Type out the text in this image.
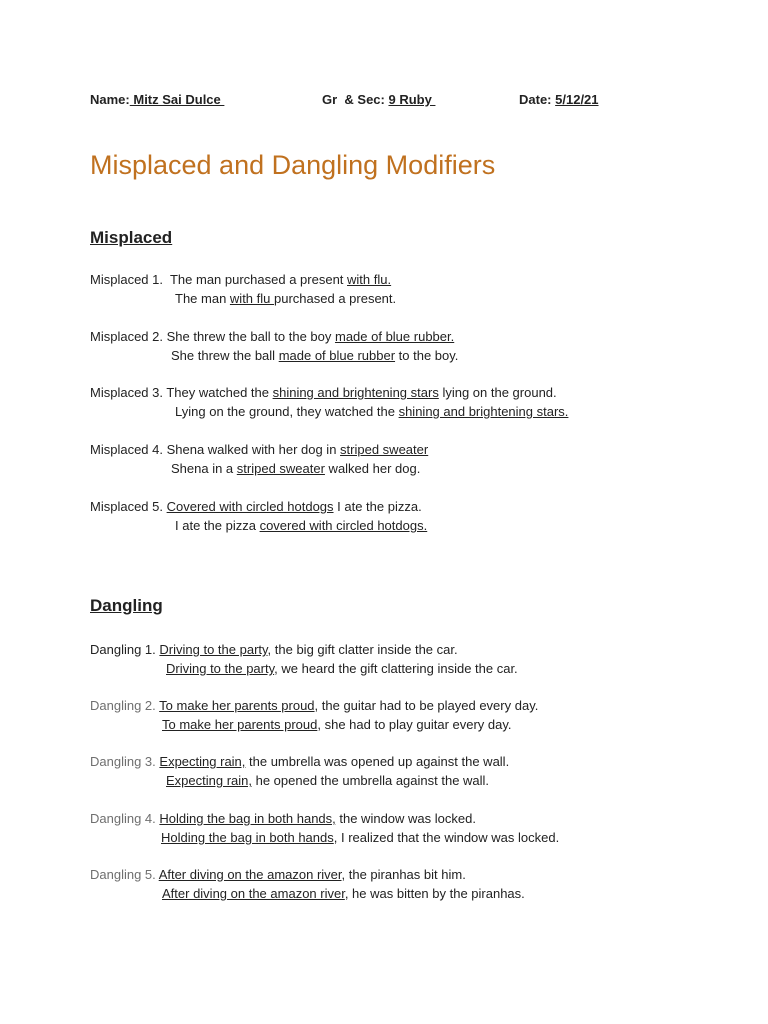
Name: Mitz Sai Dulce	Gr  & Sec: 9 Ruby	Date: 5/12/21
Misplaced and Dangling Modifiers
Misplaced
Misplaced 1.  The man purchased a present with flu.
The man with flu purchased a present.
Misplaced 2. She threw the ball to the boy made of blue rubber.
She threw the ball made of blue rubber to the boy.
Misplaced 3. They watched the shining and brightening stars lying on the ground.
Lying on the ground, they watched the shining and brightening stars.
Misplaced 4. Shena walked with her dog in striped sweater
Shena in a striped sweater walked her dog.
Misplaced 5. Covered with circled hotdogs I ate the pizza.
I ate the pizza covered with circled hotdogs.
Dangling
Dangling 1. Driving to the party, the big gift clatter inside the car.
Driving to the party, we heard the gift clattering inside the car.
Dangling 2. To make her parents proud, the guitar had to be played every day.
To make her parents proud, she had to play guitar every day.
Dangling 3. Expecting rain, the umbrella was opened up against the wall.
Expecting rain, he opened the umbrella against the wall.
Dangling 4. Holding the bag in both hands, the window was locked.
Holding the bag in both hands, I realized that the window was locked.
Dangling 5. After diving on the amazon river, the piranhas bit him.
After diving on the amazon river, he was bitten by the piranhas.
